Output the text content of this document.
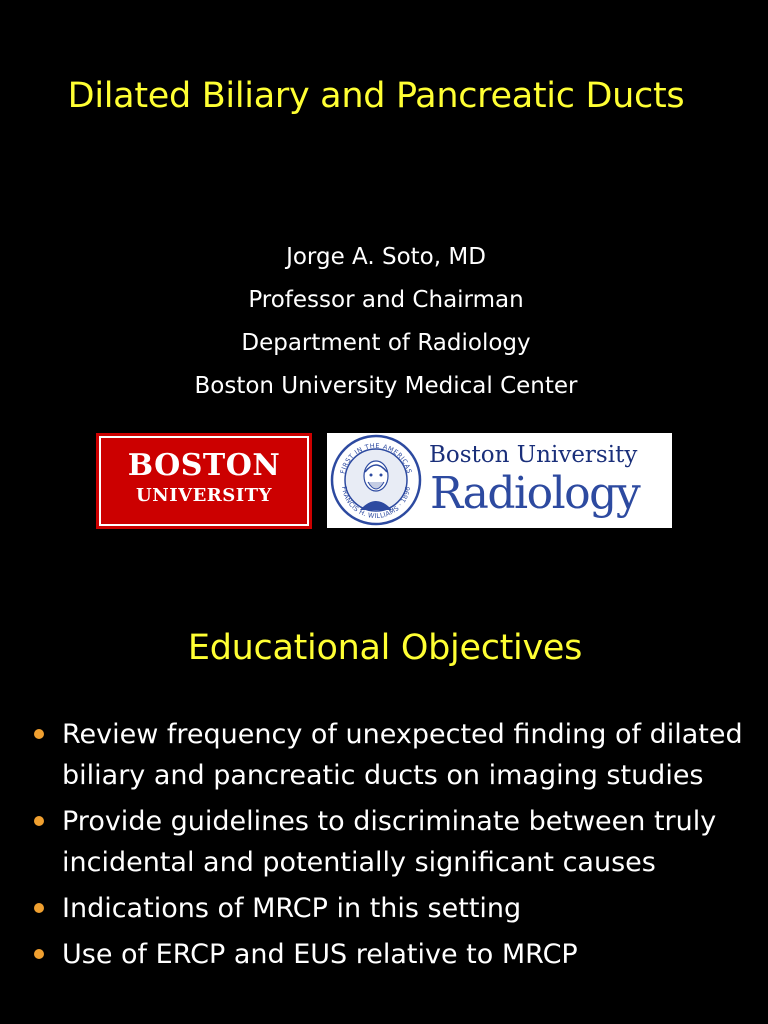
Dilated Biliary and Pancreatic Ducts
Jorge A. Soto, MD
Professor and Chairman
Department of Radiology
Boston University Medical Center
BOSTON
UNIVERSITY
FIRST IN THE AMERICAS
FRANCIS H. WILLIAMS · 1896
Boston University
Radiology
Educational Objectives
Review frequency of unexpected finding of dilated biliary and pancreatic ducts on imaging studies
Provide guidelines to discriminate between truly incidental and potentially significant causes
Indications of MRCP in this setting
Use of ERCP and EUS relative to MRCP
